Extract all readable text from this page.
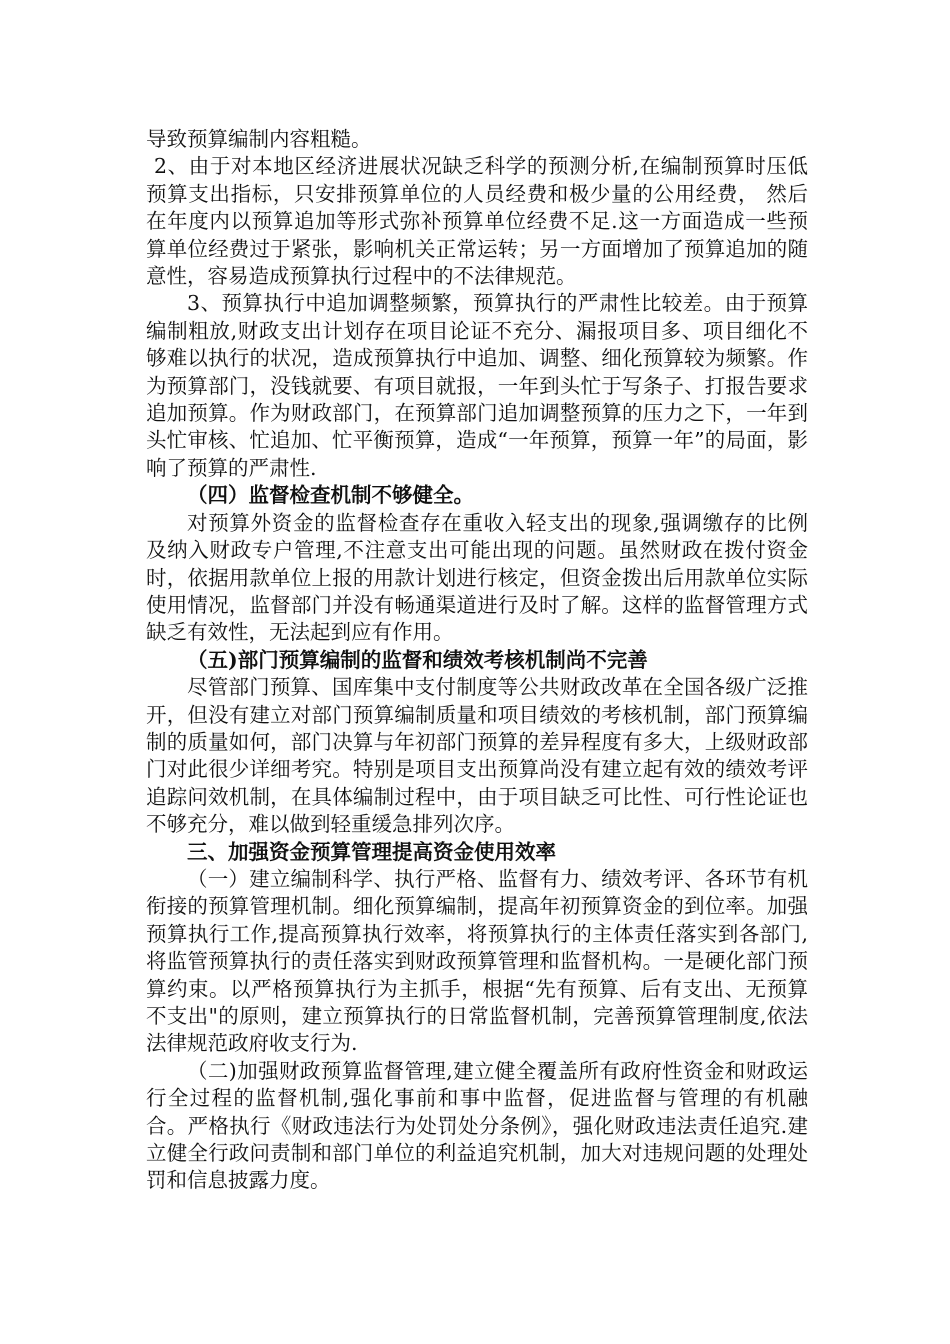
导致预算编制内容粗糙。

2、由于对本地区经济进展状况缺乏科学的预测分析,在编制预算时压低预算支出指标，只安排预算单位的人员经费和极少量的公用经费， 然后在年度内以预算追加等形式弥补预算单位经费不足.这一方面造成一些预算单位经费过于紧张，影响机关正常运转；另一方面增加了预算追加的随意性，容易造成预算执行过程中的不法律规范。

3、预算执行中追加调整频繁，预算执行的严肃性比较差。由于预算编制粗放,财政支出计划存在项目论证不充分、漏报项目多、项目细化不够难以执行的状况，造成预算执行中追加、调整、细化预算较为频繁。作为预算部门，没钱就要、有项目就报，一年到头忙于写条子、打报告要求追加预算。作为财政部门，在预算部门追加调整预算的压力之下，一年到头忙审核、忙追加、忙平衡预算，造成“一年预算，预算一年”的局面，影响了预算的严肃性.

（四）监督检查机制不够健全。

对预算外资金的监督检查存在重收入轻支出的现象,强调缴存的比例及纳入财政专户管理,不注意支出可能出现的问题。虽然财政在拨付资金时，依据用款单位上报的用款计划进行核定，但资金拨出后用款单位实际使用情况，监督部门并没有畅通渠道进行及时了解。这样的监督管理方式缺乏有效性，无法起到应有作用。

（五)部门预算编制的监督和绩效考核机制尚不完善

尽管部门预算、国库集中支付制度等公共财政改革在全国各级广泛推开，但没有建立对部门预算编制质量和项目绩效的考核机制，部门预算编制的质量如何，部门决算与年初部门预算的差异程度有多大，上级财政部门对此很少详细考究。特别是项目支出预算尚没有建立起有效的绩效考评追踪问效机制，在具体编制过程中，由于项目缺乏可比性、可行性论证也不够充分，难以做到轻重缓急排列次序。

三、加强资金预算管理提高资金使用效率

（一）建立编制科学、执行严格、监督有力、绩效考评、各环节有机衔接的预算管理机制。细化预算编制，提高年初预算资金的到位率。加强预算执行工作,提高预算执行效率，将预算执行的主体责任落实到各部门,将监管预算执行的责任落实到财政预算管理和监督机构。一是硬化部门预算约束。以严格预算执行为主抓手，根据“先有预算、后有支出、无预算不支出"的原则，建立预算执行的日常监督机制，完善预算管理制度,依法法律规范政府收支行为.

（二)加强财政预算监督管理,建立健全覆盖所有政府性资金和财政运行全过程的监督机制,强化事前和事中监督，促进监督与管理的有机融合。严格执行《财政违法行为处罚处分条例》，强化财政违法责任追究.建立健全行政问责制和部门单位的利益追究机制，加大对违规问题的处理处罚和信息披露力度。
